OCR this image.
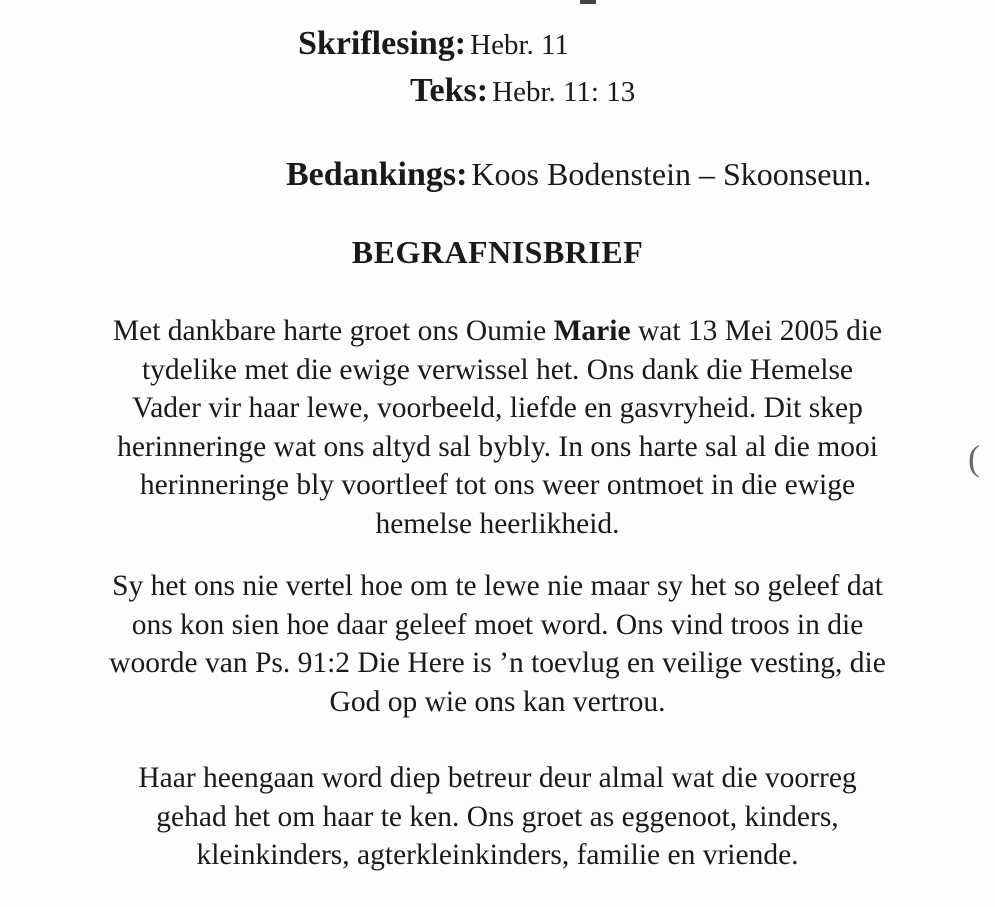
Skriflesing: Hebr. 11
Teks: Hebr. 11: 13
Bedankings: Koos Bodenstein – Skoonseun.
BEGRAFNISBRIEF

Met dankbare harte groet ons Oumie Marie wat 13 Mei 2005 die
tydelike met die ewige verwissel het. Ons dank die Hemelse
Vader vir haar lewe, voorbeeld, liefde en gasvryheid. Dit skep
herinneringe wat ons altyd sal bybly. In ons harte sal al die mooi
herinneringe bly voortleef tot ons weer ontmoet in die ewige
hemelse heerlikheid.

Sy het ons nie vertel hoe om te lewe nie maar sy het so geleef dat
ons kon sien hoe daar geleef moet word. Ons vind troos in die
woorde van Ps. 91:2 Die Here is ’n toevlug en veilige vesting, die
God op wie ons kan vertrou.

Haar heengaan word diep betreur deur almal wat die voorreg
gehad het om haar te ken. Ons groet as eggenoot, kinders,
kleinkinders, agterkleinkinders, familie en vriende.

(
